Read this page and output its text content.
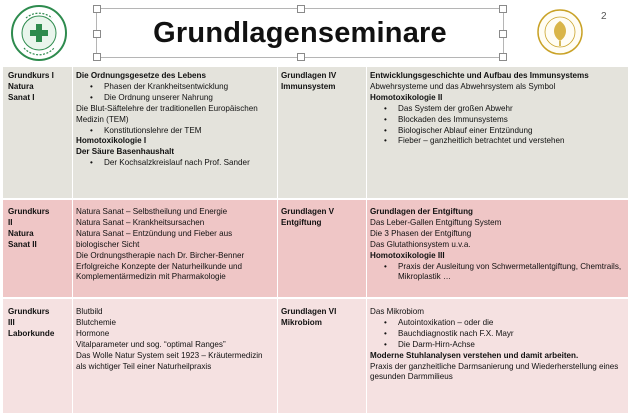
Grundlagenseminare	2
Grundkurs I
Natura
Sanat I
Die Ordnungsgesetze des Lebens
• Phasen der Krankheitsentwicklung
• Die Ordnung unserer Nahrung
Die Blut-Säftelehre der traditionellen Europäischen Medizin (TEM)
• Konstitutionslehre der TEM
Homotoxikologie I
Der Säure Basenhaushalt
• Der Kochsalzkreislauf nach Prof. Sander
Grundlagen IV
Immunsystem
Entwicklungsgeschichte und Aufbau des Immunsystems
Abwehrsysteme und das Abwehrsystem als Symbol
Homotoxikologie II
• Das System der großen Abwehr
• Blockaden des Immunsystems
• Biologischer Ablauf einer Entzündung
• Fieber – ganzheitlich betrachtet und verstehen
Grundkurs
II
Natura
Sanat II
Natura Sanat – Selbstheilung und Energie
Natura Sanat – Krankheitsursachen
Natura Sanat – Entzündung und Fieber aus biologischer Sicht
Die Ordnungstherapie nach Dr. Bircher-Benner
Erfolgreiche Konzepte der Naturheilkunde und Komplementärmedizin mit Pharmakologie
Grundlagen V
Entgiftung
Grundlagen der Entgiftung
Das Leber-Gallen Entgiftung System
Die 3 Phasen der Entgiftung
Das Glutathionsystem u.v.a.
Homotoxikologie III
• Praxis der Ausleitung von Schwermetallentgiftung, Chemtrails, Mikroplastik …
Grundkurs
III
Laborkunde
Blutbild
Blutchemie
Hormone
Vitalparameter und sog. “optimal Ranges”
Das Wolle Natur System seit 1923 – Kräutermedizin als wichtiger Teil einer Naturheilpraxis
Grundlagen VI
Mikrobiom
Das Mikrobiom
• Autointoxikation – oder die
• Bauchdiagnostik nach F.X. Mayr
• Die Darm-Hirn-Achse
Moderne Stuhlanalysen verstehen und damit arbeiten.
Praxis der ganzheitliche Darmsanierung und Wiederherstellung eines gesunden Darmmilieus
